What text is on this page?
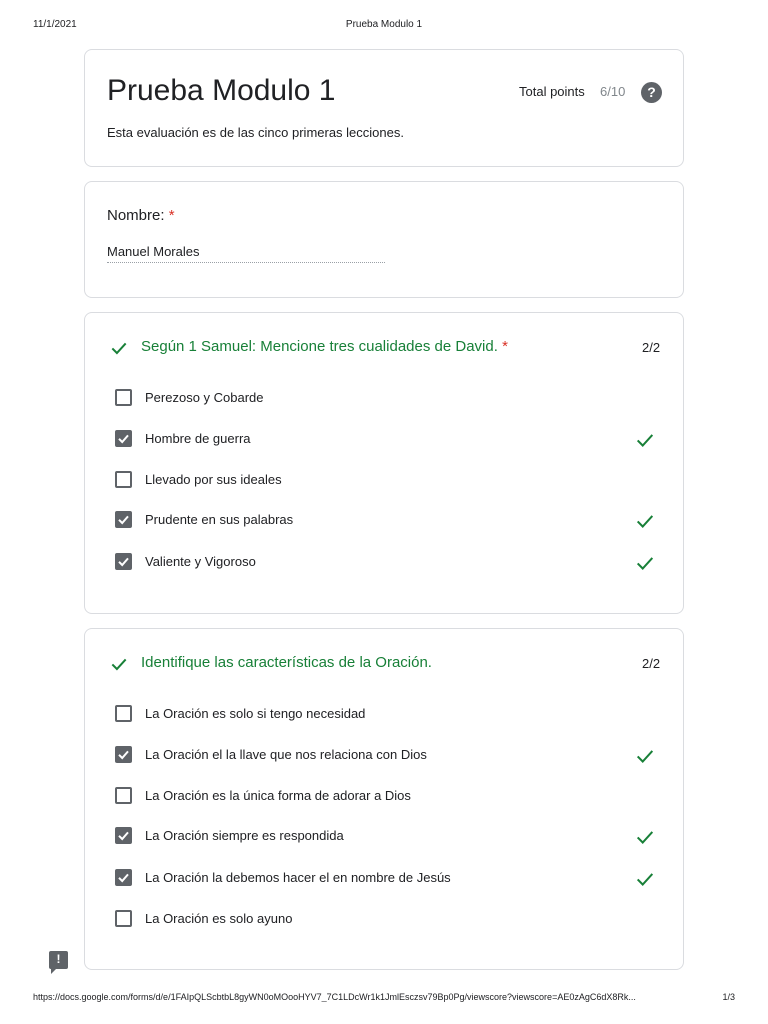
11/1/2021	Prueba Modulo 1
Prueba Modulo 1
Esta evaluación es de las cinco primeras lecciones.
Total points 6/10	?
Nombre: *
Manuel Morales
Según 1 Samuel: Mencione tres cualidades de David. *	2/2
Perezoso y Cobarde
Hombre de guerra
Llevado por sus ideales
Prudente en sus palabras
Valiente y Vigoroso
Identifique las características de la Oración.	2/2
La Oración es solo si tengo necesidad
La Oración el la llave que nos relaciona con Dios
La Oración es la única forma de adorar a Dios
La Oración siempre es respondida
La Oración la debemos hacer el en nombre de Jesús
La Oración es solo ayuno
!
https://docs.google.com/forms/d/e/1FAIpQLScbtbL8gyWN0oMOooHYV7_7C1LDcWr1k1JmlEsczsv79Bp0Pg/viewscore?viewscore=AE0zAgC6dX8Rk...	1/3
